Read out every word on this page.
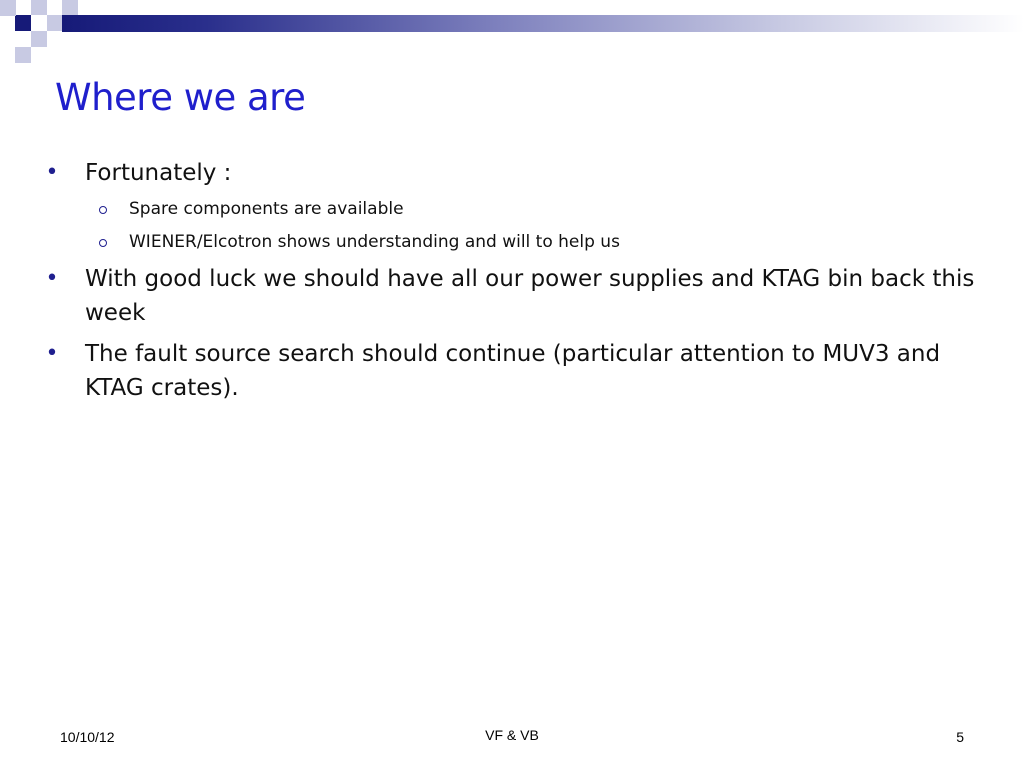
Where we are
• Fortunately :
Spare components are available
WIENER/Elcotron shows understanding and will to help us
• With good luck we should have all our power supplies and KTAG bin back this week
• The fault source search should continue (particular attention to MUV3 and KTAG crates).
10/10/12	VF & VB	5
